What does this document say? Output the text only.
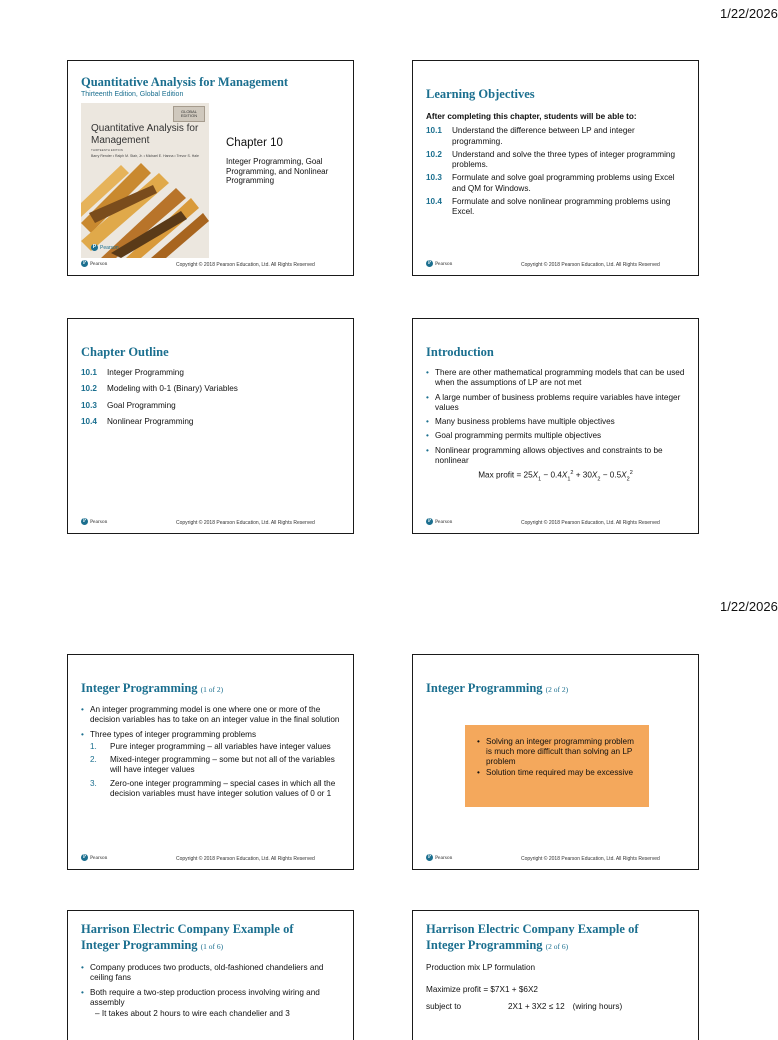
1/22/2026
1/22/2026
Quantitative Analysis for Management
Thirteenth Edition, Global Edition
GLOBAL EDITION
Quantitative Analysis for Management
THIRTEENTH EDITION
Barry Render • Ralph M. Stair, Jr. • Michael E. Hanna • Trevor S. Hale
P Pearson
Chapter 10
Integer Programming, Goal Programming, and Nonlinear Programming
P Pearson	Copyright © 2018 Pearson Education, Ltd. All Rights Reserved
Learning Objectives
After completing this chapter, students will be able to:
10.1	Understand the difference between LP and integer programming.
10.2	Understand and solve the three types of integer programming problems.
10.3	Formulate and solve goal programming problems using Excel and QM for Windows.
10.4	Formulate and solve nonlinear programming problems using Excel.
P Pearson	Copyright © 2018 Pearson Education, Ltd. All Rights Reserved
Chapter Outline
10.1	Integer Programming
10.2	Modeling with 0-1 (Binary) Variables
10.3	Goal Programming
10.4	Nonlinear Programming
P Pearson	Copyright © 2018 Pearson Education, Ltd. All Rights Reserved
Introduction
• There are other mathematical programming models that can be used when the assumptions of LP are not met
• A large number of business problems require variables have integer values
• Many business problems have multiple objectives
• Goal programming permits multiple objectives
• Nonlinear programming allows objectives and constraints to be nonlinear
Max profit = $25X_1 - 0.4X_1^2 + 30X_2 - 0.5X_2^2$
P Pearson	Copyright © 2018 Pearson Education, Ltd. All Rights Reserved
Integer Programming (1 of 2)
• An integer programming model is one where one or more of the decision variables has to take on an integer value in the final solution
• Three types of integer programming problems
1.	Pure integer programming – all variables have integer values
2.	Mixed-integer programming – some but not all of the variables will have integer values
3.	Zero-one integer programming – special cases in which all the decision variables must have integer solution values of 0 or 1
P Pearson	Copyright © 2018 Pearson Education, Ltd. All Rights Reserved
Integer Programming (2 of 2)
• Solving an integer programming problem is much more difficult than solving an LP problem
• Solution time required may be excessive
P Pearson	Copyright © 2018 Pearson Education, Ltd. All Rights Reserved
Harrison Electric Company Example of
Integer Programming (1 of 6)
• Company produces two products, old-fashioned chandeliers and ceiling fans
• Both require a two-step production process involving wiring and assembly
– It takes about 2 hours to wire each chandelier and 3
Harrison Electric Company Example of
Integer Programming (2 of 6)
Production mix LP formulation
Maximize profit = $7X1 + $6X2
subject to	2X1 + 3X2 ≤ 12 (wiring hours)
